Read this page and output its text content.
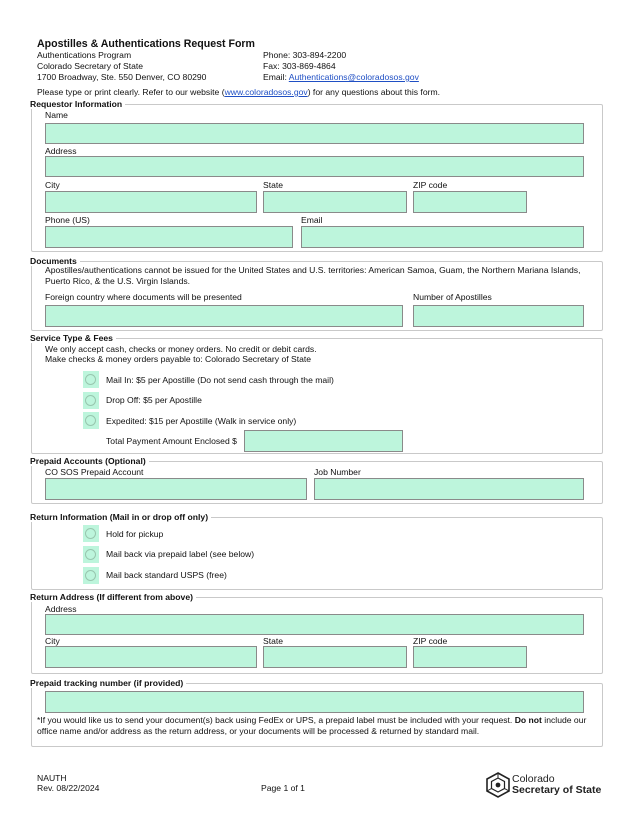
Apostilles & Authentications Request Form
Authentications Program
Colorado Secretary of State
1700 Broadway, Ste. 550 Denver, CO 80290
Phone: 303-894-2200
Fax: 303-869-4864
Email: Authentications@coloradosos.gov
Please type or print clearly. Refer to our website (www.coloradosos.gov) for any questions about this form.
Requestor Information
Name
Address
City	State	ZIP code
Phone (US)	Email
Documents
Apostilles/authentications cannot be issued for the United States and U.S. territories: American Samoa, Guam, the Northern Mariana Islands, Puerto Rico, & the U.S. Virgin Islands.
Foreign country where documents will be presented	Number of Apostilles
Service Type & Fees
We only accept cash, checks or money orders. No credit or debit cards.
Make checks & money orders payable to: Colorado Secretary of State
Mail In: $5 per Apostille (Do not send cash through the mail)
Drop Off: $5 per Apostille
Expedited: $15 per Apostille (Walk in service only)
Total Payment Amount Enclosed $
Prepaid Accounts (Optional)
CO SOS Prepaid Account	Job Number
Return Information (Mail in or drop off only)
Hold for pickup
Mail back via prepaid label (see below)
Mail back standard USPS (free)
Return Address (If different from above)
Address
City	State	ZIP code
Prepaid tracking number (if provided)
*If you would like us to send your document(s) back using FedEx or UPS, a prepaid label must be included with your request. Do not include our office name and/or address as the return address, or your documents will be processed & returned by standard mail.
NAUTH
Rev. 08/22/2024	Page 1 of 1
Colorado
Secretary of State
